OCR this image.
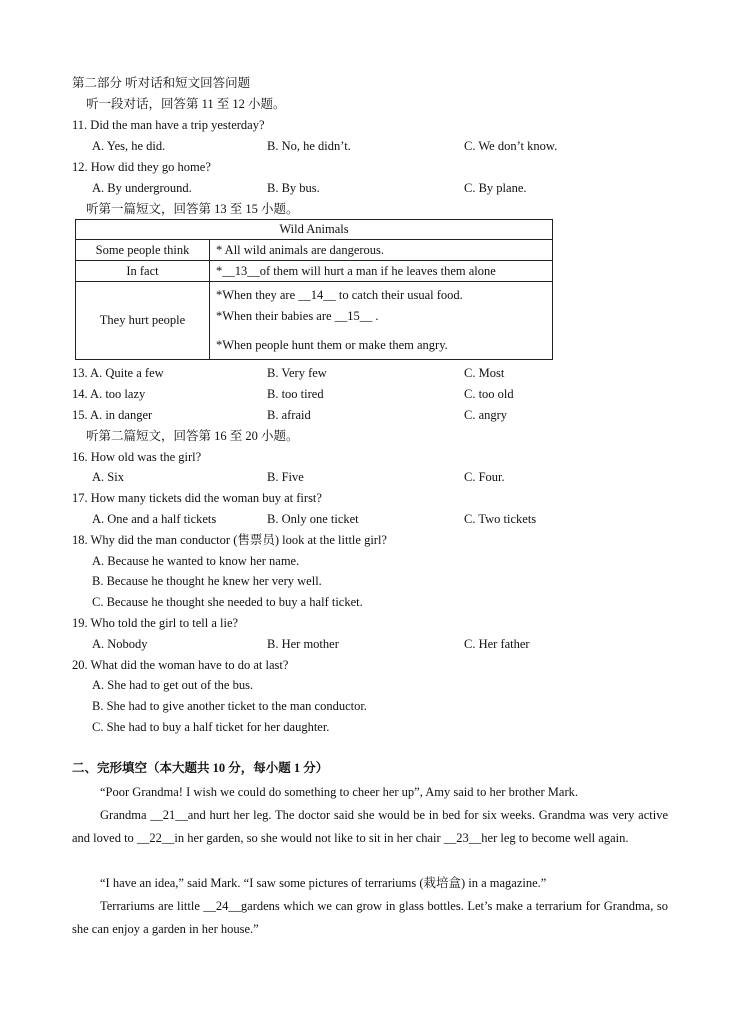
第二部分 听对话和短文回答问题
听一段对话，回答第 11 至 12 小题。
11. Did the man have a trip yesterday?
A. Yes, he did.	B. No, he didn’t.	C. We don’t know.
12. How did they go home?
A. By underground.	B. By bus.	C. By plane.
听第一篇短文，回答第 13 至 15 小题。
Wild Animals	
Some people think	* All wild animals are dangerous.
In fact	*__13__of them will hurt a man if he leaves them alone
They hurt people	*When they are __14__ to catch their usual food.
*When their babies are __15__ .
*When people hunt them or make them angry.
13. A. Quite a few	B. Very few	C. Most
14. A. too lazy	B. too tired	C. too old
15. A. in danger	B. afraid	C. angry
听第二篇短文，回答第 16 至 20 小题。
16. How old was the girl?
A. Six	B. Five	C. Four.
17. How many tickets did the woman buy at first?
A. One and a half tickets	B. Only one ticket	C. Two tickets
18. Why did the man conductor (售票员) look at the little girl?
A. Because he wanted to know her name.
B. Because he thought he knew her very well.
C. Because he thought she needed to buy a half ticket.
19. Who told the girl to tell a lie?
A. Nobody	B. Her mother	C. Her father
20. What did the woman have to do at last?
A. She had to get out of the bus.
B. She had to give another ticket to the man conductor.
C. She had to buy a half ticket for her daughter.
二、完形填空（本大题共 10 分，每小题 1 分）
“Poor Grandma! I wish we could do something to cheer her up”, Amy said to her brother Mark.
Grandma __21__and hurt her leg. The doctor said she would be in bed for six weeks. Grandma was very active and loved to __22__in her garden, so she would not like to sit in her chair __23__her leg to become well again.
“I have an idea,” said Mark. “I saw some pictures of terrariums (栽培盒) in a magazine.”
Terrariums are little __24__gardens which we can grow in glass bottles. Let’s make a terrarium for Grandma, so she can enjoy a garden in her house.”
